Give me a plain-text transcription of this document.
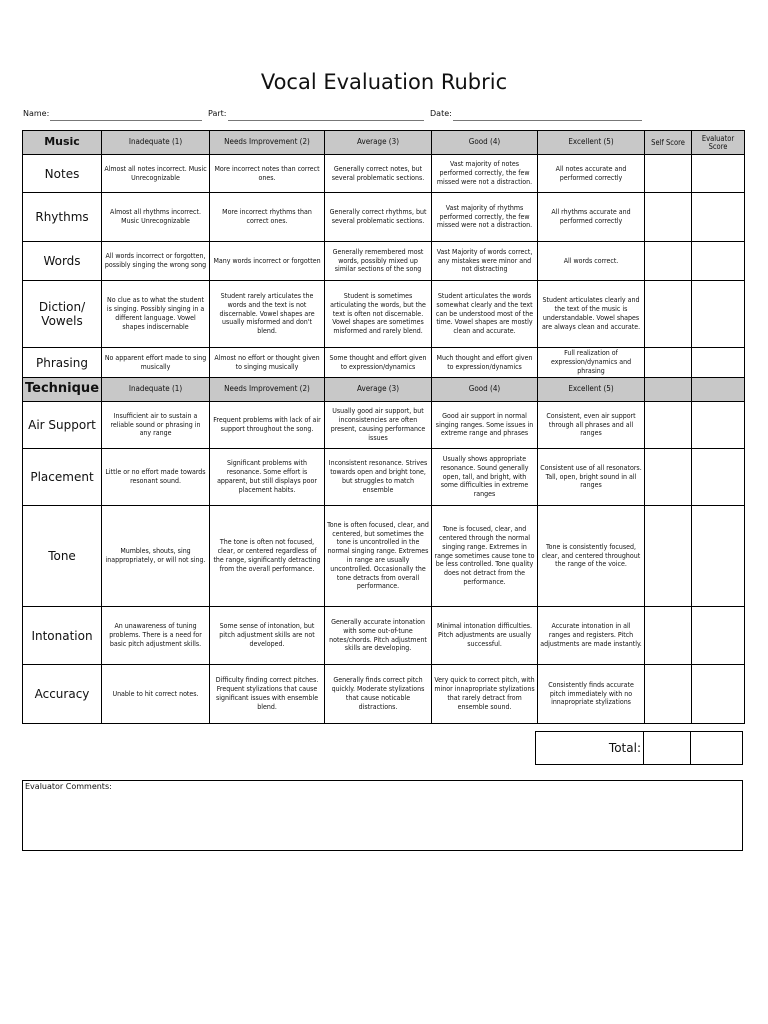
Vocal Evaluation Rubric
Name:	Part:	Date:
Music	Inadequate (1)	Needs Improvement (2)	Average (3)	Good (4)	Excellent (5)	Self Score	Evaluator Score
Notes	Almost all notes incorrect. Music Unrecognizable	More incorrect notes than correct ones.	Generally correct notes, but several problematic sections.	Vast majority of notes performed correctly, the few missed were not a distraction.	All notes accurate and performed correctly		
Rhythms	Almost all rhythms incorrect. Music Unrecognizable	More incorrect rhythms than correct ones.	Generally correct rhythms, but several problematic sections.	Vast majority of rhythms performed correctly, the few missed were not a distraction.	All rhythms accurate and performed correctly		
Words	All words incorrect or forgotten, possibly singing the wrong song	Many words incorrect or forgotten	Generally remembered most words, possibly mixed up similar sections of the song	Vast Majority of words correct, any mistakes were minor and not distracting	All words correct.		
Diction/ Vowels	No clue as to what the student is singing. Possibly singing in a different language. Vowel shapes indiscernable	Student rarely articulates the words and the text is not discernable. Vowel shapes are usually misformed and don't blend.	Student is sometimes articulating the words, but the text is often not discernable. Vowel shapes are sometimes misformed and rarely blend.	Student articulates the words somewhat clearly and the text can be understood most of the time. Vowel shapes are mostly clean and accurate.	Student articulates clearly and the text of the music is understandable. Vowel shapes are always clean and accurate.		
Phrasing	No apparent effort made to sing musically	Almost no effort or thought given to singing musically	Some thought and effort given to expression/dynamics	Much thought and effort given to expression/dynamics	Full realization of expression/dynamics and phrasing		
Technique	Inadequate (1)	Needs Improvement (2)	Average (3)	Good (4)	Excellent (5)		
Air Support	Insufficient air to sustain a reliable sound or phrasing in any range	Frequent problems with lack of air support throughout the song.	Usually good air support, but inconsistencies are often present, causing performance issues	Good air support in normal singing ranges. Some issues in extreme range and phrases	Consistent, even air support through all phrases and all ranges		
Placement	Little or no effort made towards resonant sound.	Significant problems with resonance. Some effort is apparent, but still displays poor placement habits.	Inconsistent resonance. Strives towards open and bright tone, but struggles to match ensemble	Usually shows appropriate resonance. Sound generally open, tall, and bright, with some difficulties in extreme ranges	Consistent use of all resonators. Tall, open, bright sound in all ranges		
Tone	Mumbles, shouts, sing inappropriately, or will not sing.	The tone is often not focused, clear, or centered regardless of the range, significantly detracting from the overall performance.	Tone is often focused, clear, and centered, but sometimes the tone is uncontrolled in the normal singing range. Extremes in range are usually uncontrolled. Occasionally the tone detracts from overall performance.	Tone is focused, clear, and centered through the normal singing range. Extremes in range sometimes cause tone to be less controlled. Tone quality does not detract from the performance.	Tone is consistently focused, clear, and centered throughout the range of the voice.		
Intonation	An unawareness of tuning problems. There is a need for basic pitch adjustment skills.	Some sense of intonation, but pitch adjustment skills are not developed.	Generally accurate intonation with some out-of-tune notes/chords. Pitch adjustment skills are developing.	Minimal intonation difficulties. Pitch adjustments are usually successful.	Accurate intonation in all ranges and registers. Pitch adjustments are made instantly.		
Accuracy	Unable to hit correct notes.	Difficulty finding correct pitches. Frequent stylizations that cause significant issues with ensemble blend.	Generally finds correct pitch quickly. Moderate stylizations that cause noticable distractions.	Very quick to correct pitch, with minor innapropriate stylizations that rarely detract from ensemble sound.	Consistently finds accurate pitch immediately with no innapropriate stylizations		
Total:
Evaluator Comments:
